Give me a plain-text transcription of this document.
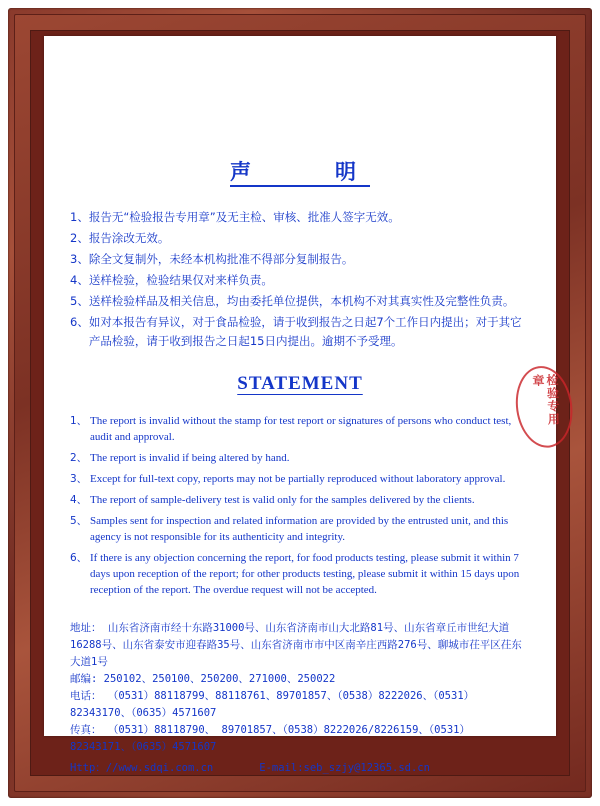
声　　明
1、 报告无“检验报告专用章”及无主检、审核、批准人签字无效。
2、 报告涂改无效。
3、 除全文复制外，未经本机构批准不得部分复制报告。
4、 送样检验，检验结果仅对来样负责。
5、 送样检验样品及相关信息，均由委托单位提供，本机构不对其真实性及完整性负责。
6、 如对本报告有异议，对于食品检验，请于收到报告之日起7个工作日内提出；对于其它产品检验，请于收到报告之日起15日内提出。逾期不予受理。
STATEMENT
1、 The report is invalid without the stamp for test report or signatures of persons who conduct test, audit and approval.
2、 The report is invalid if being altered by hand.
3、 Except for full-text copy, reports may not be partially reproduced without laboratory approval.
4、 The report of sample-delivery test is valid only for the samples delivered by the clients.
5、 Samples sent for inspection and related information are provided by the entrusted unit, and this agency is not responsible for its authenticity and integrity.
6、 If there is any objection concerning the report, for food products testing, please submit it within 7 days upon reception of the report; for other products testing, please submit it within 15 days upon reception of the report. The overdue request will not be accepted.
地址： 山东省济南市经十东路31000号、山东省济南市山大北路81号、山东省章丘市世纪大道16288号、山东省泰安市迎春路35号、山东省济南市市中区南辛庄西路276号、聊城市茌平区茌东大道1号
邮编: 250102、250100、250200、271000、250022
电话： （0531）88118799、88118761、89701857、（0538）8222026、（0531）82343170、（0635）4571607
传真： （0531）88118790、 89701857、（0538）8222026/8226159、（0531）82343171、（0635）4571607
Http：//www.sdqi.com.cn	E-mail:seb_szjy@12365.sd.cn
检验专用章
